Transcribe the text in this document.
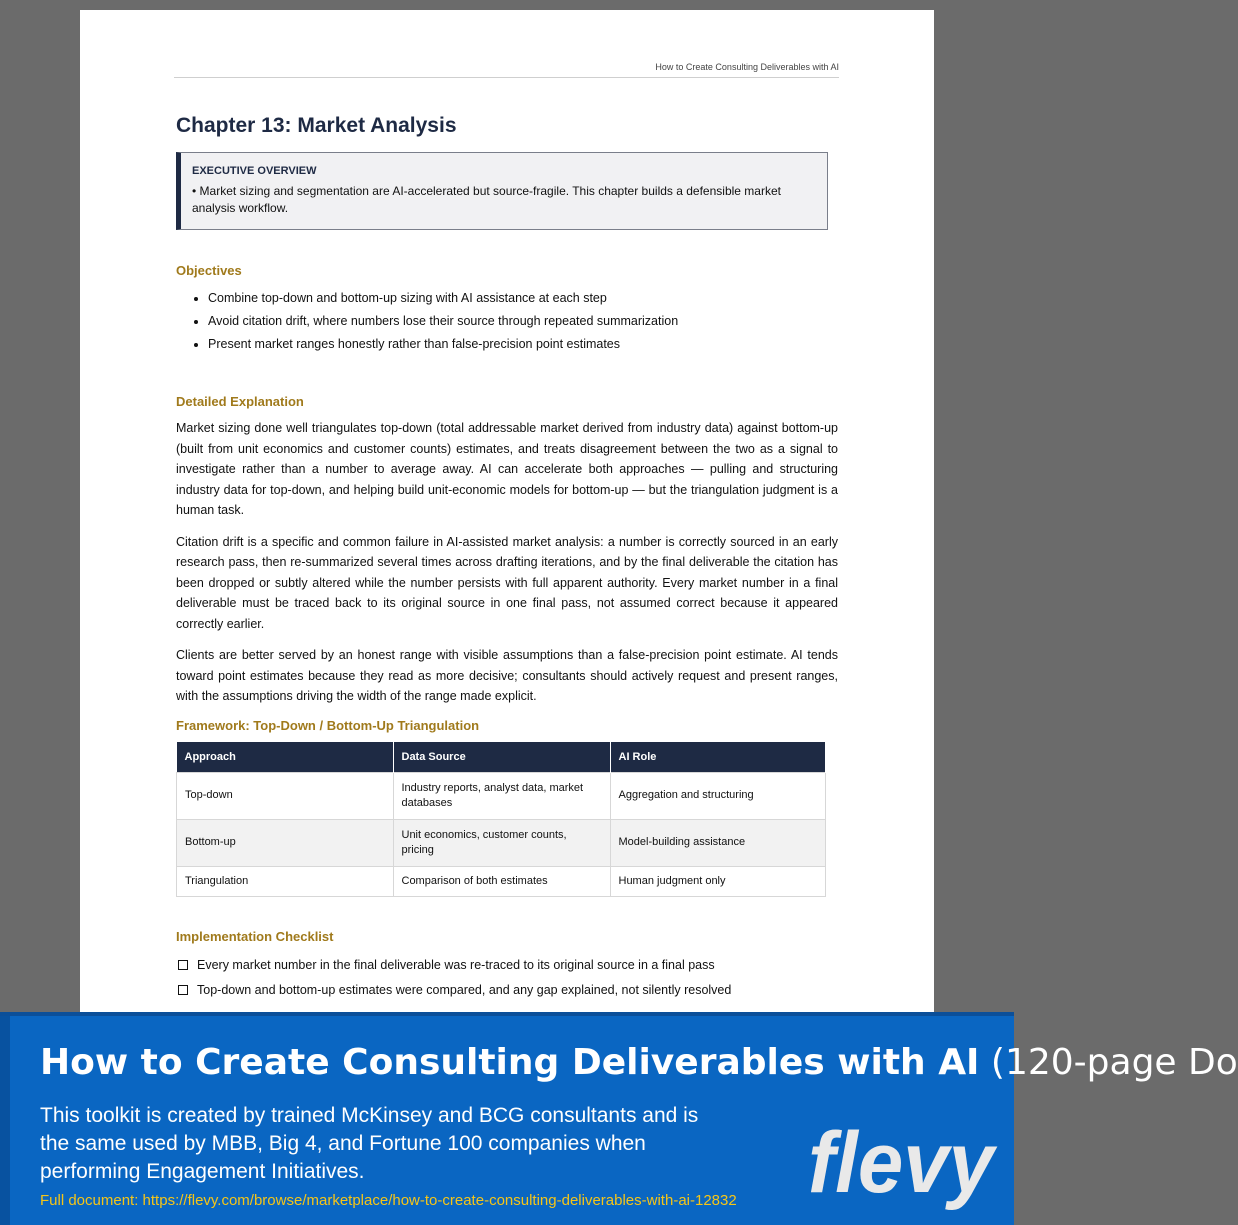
How to Create Consulting Deliverables with AI
Chapter 13: Market Analysis
EXECUTIVE OVERVIEW
• Market sizing and segmentation are AI-accelerated but source-fragile. This chapter builds a defensible market analysis workflow.
Objectives
• Combine top-down and bottom-up sizing with AI assistance at each step
• Avoid citation drift, where numbers lose their source through repeated summarization
• Present market ranges honestly rather than false-precision point estimates
Detailed Explanation

Market sizing done well triangulates top-down (total addressable market derived from industry data) against bottom-up (built from unit economics and customer counts) estimates, and treats disagreement between the two as a signal to investigate rather than a number to average away. AI can accelerate both approaches — pulling and structuring industry data for top-down, and helping build unit-economic models for bottom-up — but the triangulation judgment is a human task.

Citation drift is a specific and common failure in AI-assisted market analysis: a number is correctly sourced in an early research pass, then re-summarized several times across drafting iterations, and by the final deliverable the citation has been dropped or subtly altered while the number persists with full apparent authority. Every market number in a final deliverable must be traced back to its original source in one final pass, not assumed correct because it appeared correctly earlier.

Clients are better served by an honest range with visible assumptions than a false-precision point estimate. AI tends toward point estimates because they read as more decisive; consultants should actively request and present ranges, with the assumptions driving the width of the range made explicit.

Framework: Top-Down / Bottom-Up Triangulation
Approach	Data Source	AI Role
Top-down	Industry reports, analyst data, market databases	Aggregation and structuring
Bottom-up	Unit economics, customer counts, pricing	Model-building assistance
Triangulation	Comparison of both estimates	Human judgment only
Implementation Checklist
Every market number in the final deliverable was re-traced to its original source in a final pass
Top-down and bottom-up estimates were compared, and any gap explained, not silently resolved
How to Create Consulting Deliverables with AI (120-page Do
This toolkit is created by trained McKinsey and BCG consultants and is the same used by MBB, Big 4, and Fortune 100 companies when performing Engagement Initiatives.
Full document: https://flevy.com/browse/marketplace/how-to-create-consulting-deliverables-with-ai-12832 flevy
